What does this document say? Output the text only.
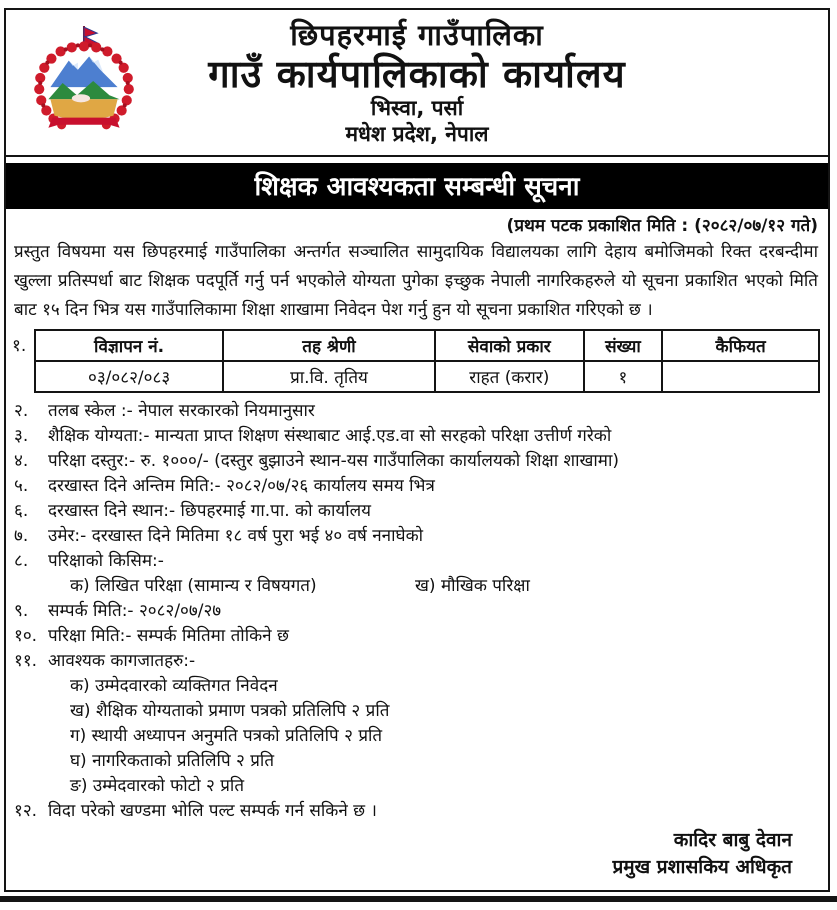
छिपहरमाई गाउँपालिका
गाउँ कार्यपालिकाको कार्यालय
भिस्वा, पर्सा
मधेश प्रदेश, नेपाल
शिक्षक आवश्यकता सम्बन्धी सूचना
(प्रथम पटक प्रकाशित मिति : (२०८२/०७/१२ गते)

प्रस्तुत विषयमा यस छिपहरमाई गाउँपालिका अन्तर्गत सञ्चालित सामुदायिक विद्यालयका लागि देहाय बमोजिमको रिक्त दरबन्दीमा खुल्ला प्रतिस्पर्धा बाट शिक्षक पदपूर्ति गर्नु पर्न भएकोले योग्यता पुगेका इच्छुक नेपाली नागरिकहरुले यो सूचना प्रकाशित भएको मिति बाट १५ दिन भित्र यस गाउँपालिकामा शिक्षा शाखामा निवेदन पेश गर्नु हुन यो सूचना प्रकाशित गरिएको छ ।

१.	विज्ञापन नं.	तह श्रेणी	सेवाको प्रकार	संख्या	कैफियत
०३/०८२/०८३	प्रा.वि. तृतिय	राहत (करार)	१	
२.	तलब स्केल :- नेपाल सरकारको नियमानुसार
३.	शैक्षिक योग्यता:- मान्यता प्राप्त शिक्षण संस्थाबाट आई.एड.वा सो सरहको परिक्षा उत्तीर्ण गरेको
४.	परिक्षा दस्तुर:- रु. १०००/- (दस्तुर बुझाउने स्थान-यस गाउँपालिका कार्यालयको शिक्षा शाखामा)
५.	दरखास्त दिने अन्तिम मिति:- २०८२/०७/२६ कार्यालय समय भित्र
६.	दरखास्त दिने स्थान:- छिपहरमाई गा.पा. को कार्यालय
७.	उमेर:- दरखास्त दिने मितिमा १८ वर्ष पुरा भई ४० वर्ष ननाघेको
८.	परिक्षाको किसिम:-
क) लिखित परिक्षा (सामान्य र विषयगत)	ख) मौखिक परिक्षा
९.	सम्पर्क मिति:- २०८२/०७/२७
१०. परिक्षा मिति:- सम्पर्क मितिमा तोकिने छ
११. आवश्यक कागजातहरु:-
क) उम्मेदवारको व्यक्तिगत निवेदन
ख) शैक्षिक योग्यताको प्रमाण पत्रको प्रतिलिपि २ प्रति
ग) स्थायी अध्यापन अनुमति पत्रको प्रतिलिपि २ प्रति
घ) नागरिकताको प्रतिलिपि २ प्रति
ङ) उम्मेदवारको फोटो २ प्रति
१२. विदा परेको खण्डमा भोलि पल्ट सम्पर्क गर्न सकिने छ ।
कादिर बाबु देवान
प्रमुख प्रशासकिय अधिकृत
